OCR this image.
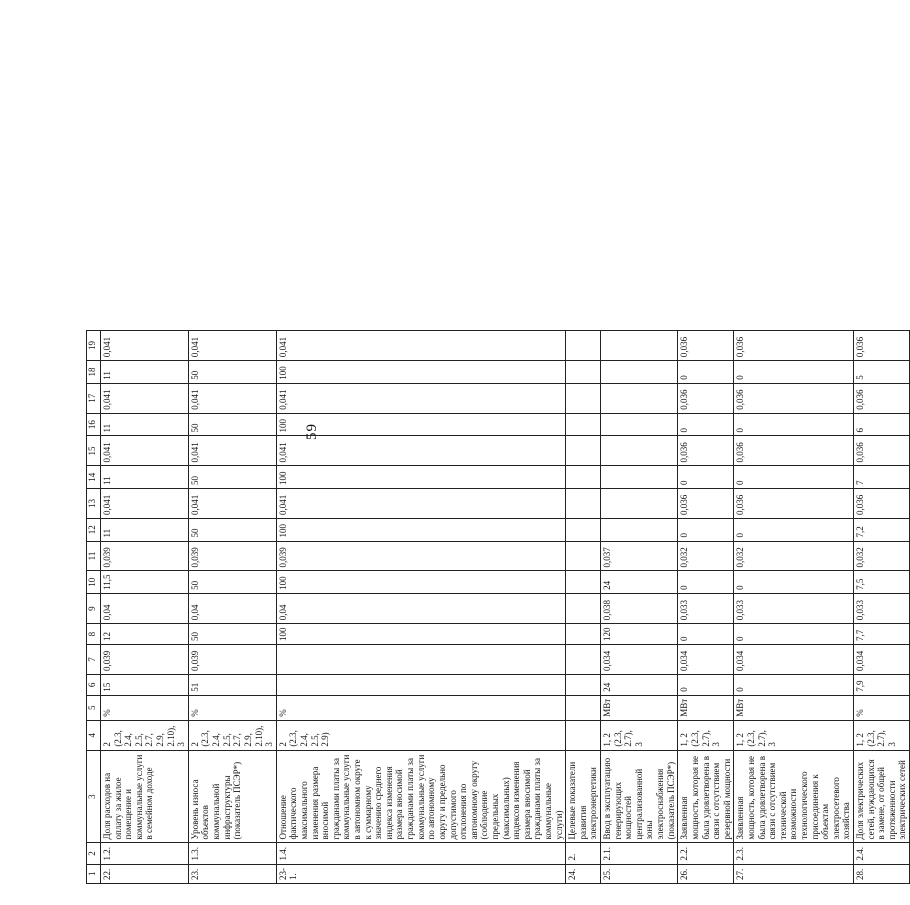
59
1	2	3	4	5	6	7	8	9	10	11	12	13	14	15	16	17	18	19
22.	1.2.	Доля расходов на оплату за жилое помещение и коммунальные услуги в семейном доходе	2 (2.3, 2.4, 2.5, 2.7, 2.9, 2.10), 3	%	15	0,039	12	0,04	11,5	0,039	11	0,041	11	0,041	11	0,041	11	0,041
23.	1.3.	Уровень износа объектов коммунальной инфраструктуры (показатель ПСЭР*)	2 (2.3, 2.4, 2.5, 2.7, 2.9, 2.10), 3	%	51	0,039	50	0,04	50	0,039	50	0,041	50	0,041	50	0,041	50	0,041
23-1.	1.4.	Отношение фактического максимального изменения размера вносимой гражданами платы за коммунальные услуги в автономном округе к суммарному значению среднего индекса изменения размера вносимой гражданами платы за коммунальные услуги по автономному округу и предельно допустимого отклонения по автономному округу (соблюдение предельных (максимальных) индексов изменения размера вносимой гражданами платы за коммунальные услуги)	2 (2.3, 2.4, 2.5, 2.9)	%			100	0,04	100	0,039	100	0,041	100	0,041	100	0,041	100	0,041
24.	2.	Целевые показатели развития электроэнергетики																
25.	2.1.	Ввод в эксплуатацию генерирующих мощностей централизованной зоны электроснабжения (показатель ПСЭР*)	1, 2 (2.3, 2.7), 3	МВт	24	0,034	120	0,038	24	0,037								
26.	2.2.	Заявленная мощность, которая не была удовлетворена в связи с отсутствием резервной мощности	1, 2 (2.3, 2.7), 3	МВт	0	0,034	0	0,033	0	0,032	0	0,036	0	0,036	0	0,036	0	0,036
27.	2.3.	Заявленная мощность, которая не была удовлетворена в связи с отсутствием технической возможности технологического присоединения к объектам электросетевого хозяйства	1, 2 (2.3, 2.7), 3	МВт	0	0,034	0	0,033	0	0,032	0	0,036	0	0,036	0	0,036	0	0,036
28.	2.4.	Доля электрических сетей, нуждающихся в замене, от общей протяженности электрических сетей	1, 2 (2.3, 2.7), 3	%	7,9	0,034	7,7	0,033	7,5	0,032	7,2	0,036	7	0,036	6	0,036	5	0,036
